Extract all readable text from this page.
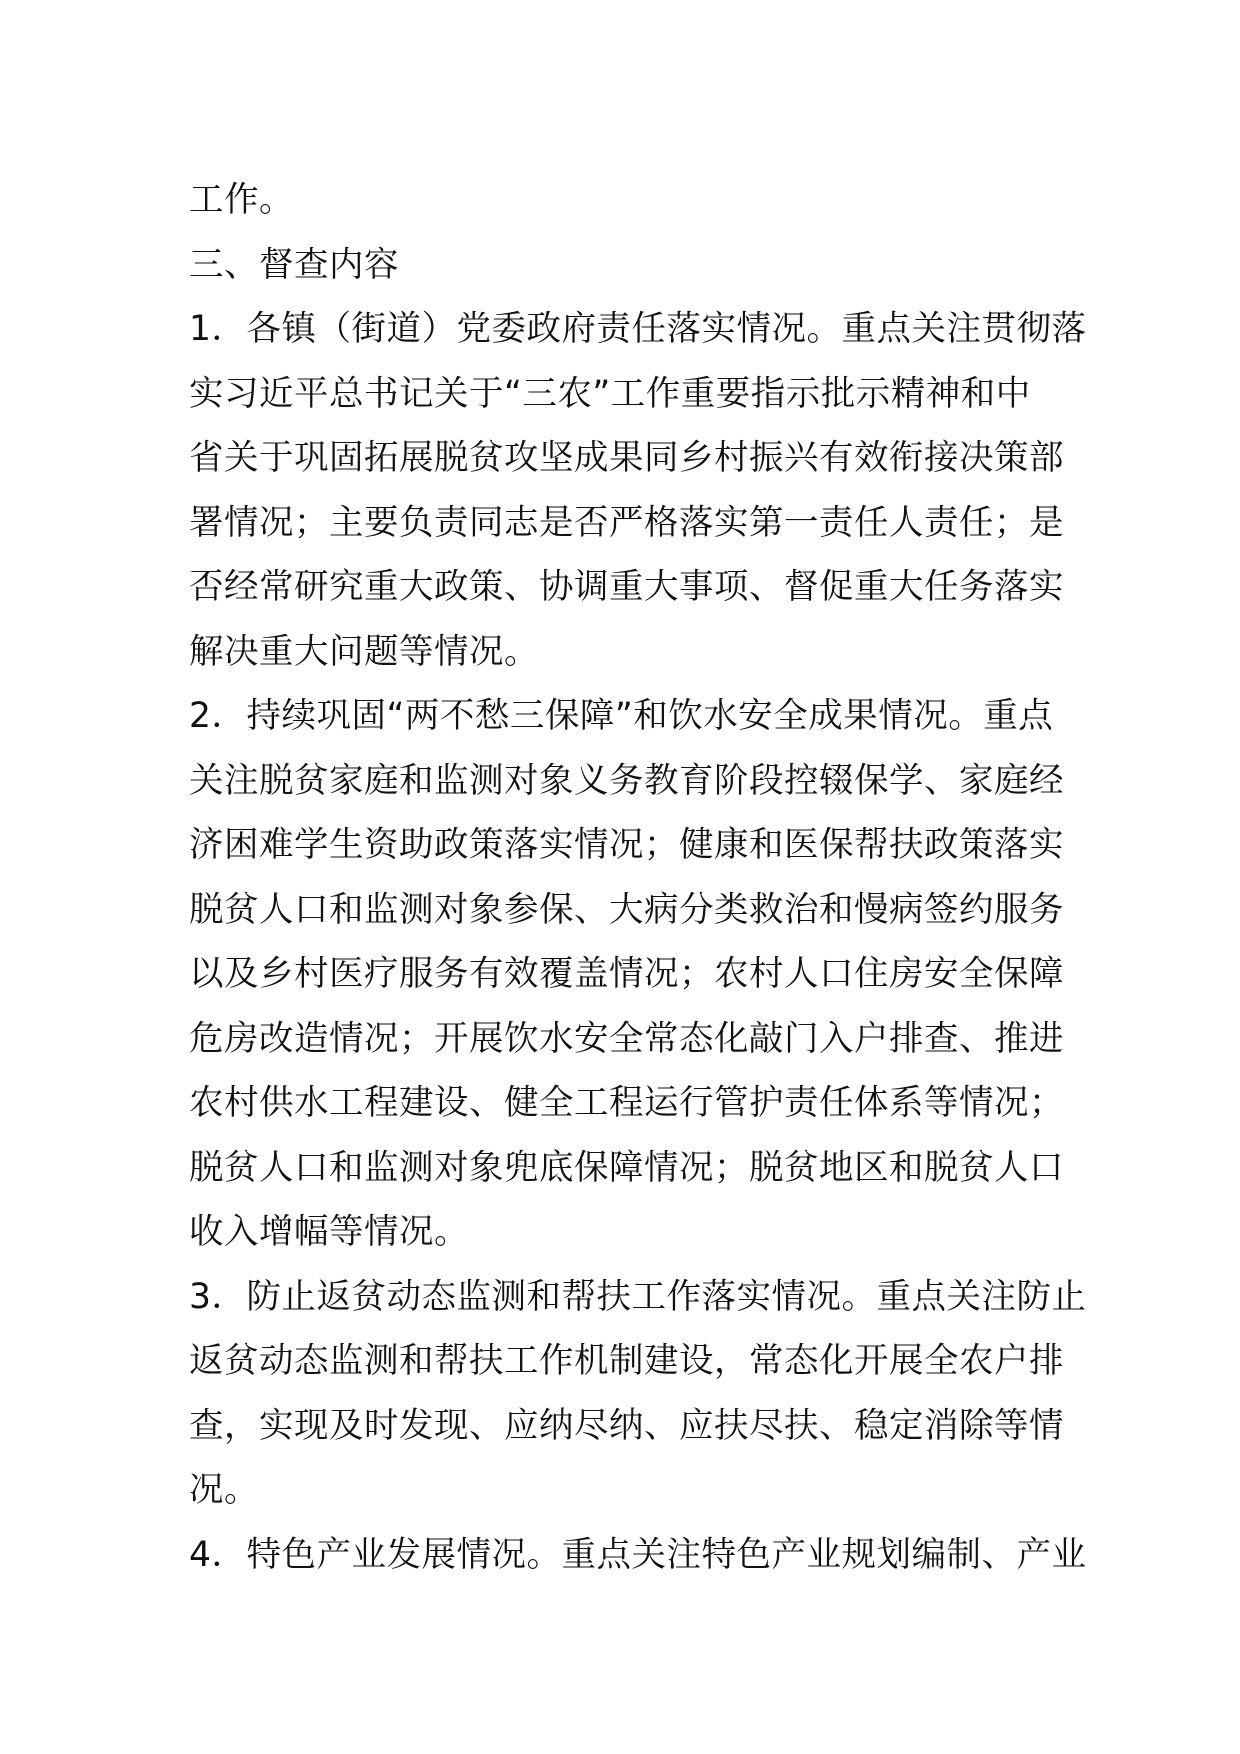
工作。
三、督查内容
1．各镇（街道）党委政府责任落实情况。重点关注贯彻落
实习近平总书记关于“三农”工作重要指示批示精神和中
省关于巩固拓展脱贫攻坚成果同乡村振兴有效衔接决策部
署情况；主要负责同志是否严格落实第一责任人责任；是
否经常研究重大政策、协调重大事项、督促重大任务落实
解决重大问题等情况。
2．持续巩固“两不愁三保障”和饮水安全成果情况。重点
关注脱贫家庭和监测对象义务教育阶段控辍保学、家庭经
济困难学生资助政策落实情况；健康和医保帮扶政策落实
脱贫人口和监测对象参保、大病分类救治和慢病签约服务
以及乡村医疗服务有效覆盖情况；农村人口住房安全保障
危房改造情况；开展饮水安全常态化敲门入户排查、推进
农村供水工程建设、健全工程运行管护责任体系等情况；
脱贫人口和监测对象兜底保障情况；脱贫地区和脱贫人口
收入增幅等情况。
3．防止返贫动态监测和帮扶工作落实情况。重点关注防止
返贫动态监测和帮扶工作机制建设，常态化开展全农户排
查，实现及时发现、应纳尽纳、应扶尽扶、稳定消除等情
况。
4．特色产业发展情况。重点关注特色产业规划编制、产业
